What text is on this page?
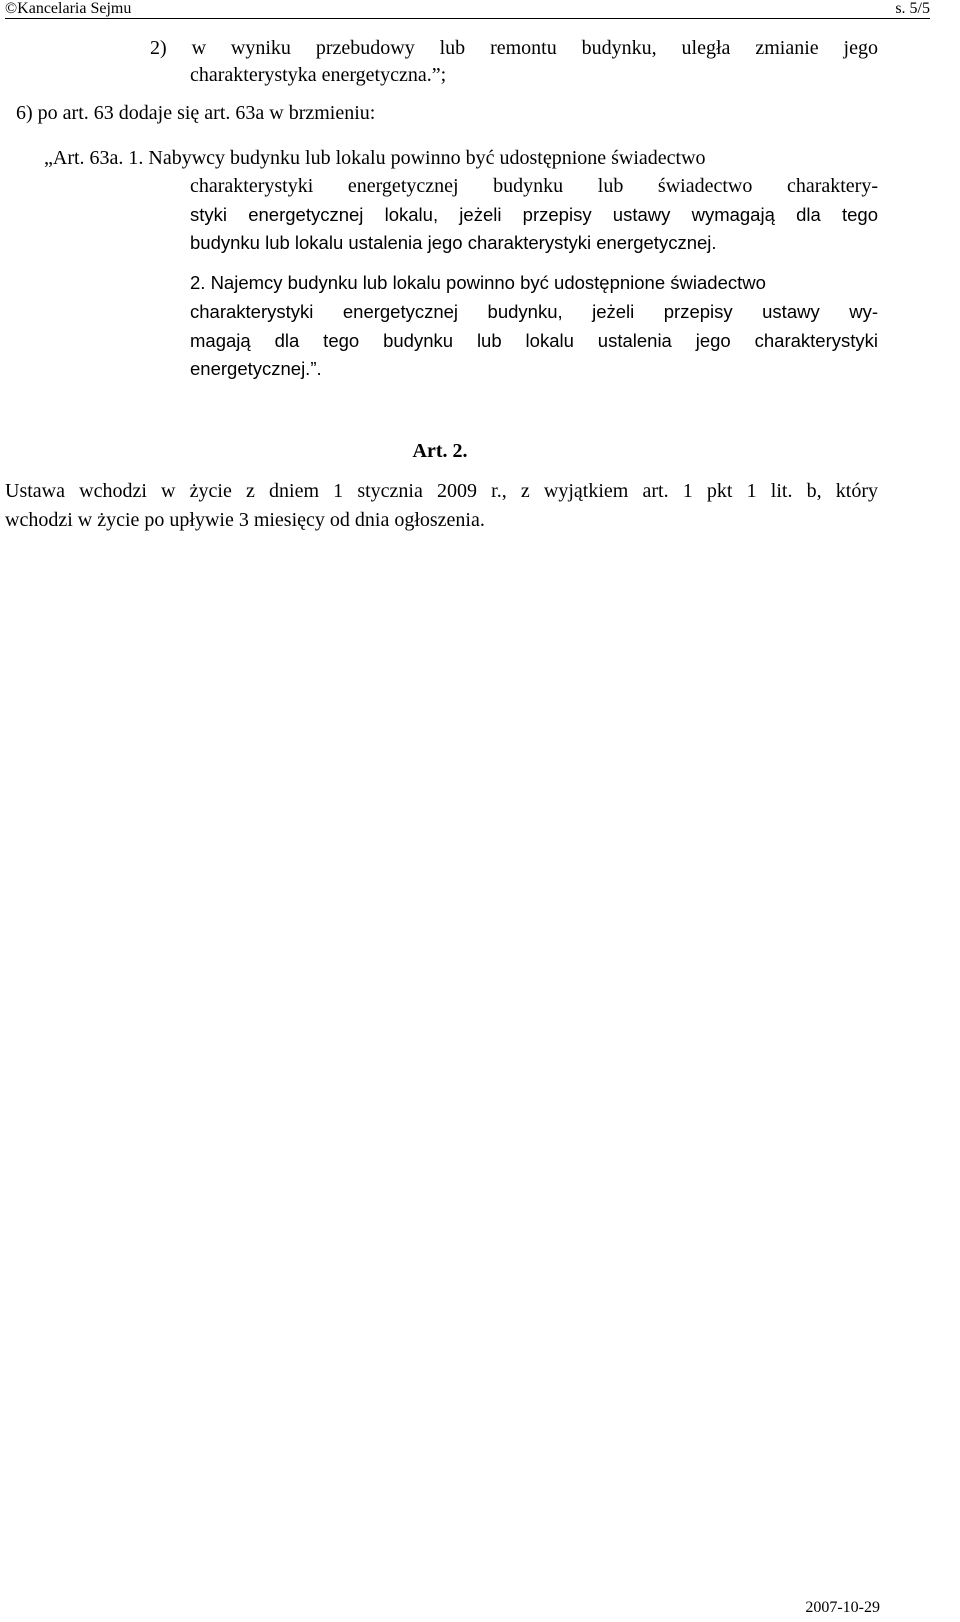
©Kancelaria Sejmu	s. 5/5
2) w wyniku przebudowy lub remontu budynku, uległa zmianie jego
charakterystyka energetyczna.”;
6) po art. 63 dodaje się art. 63a w brzmieniu:
„Art. 63a. 1. Nabywcy budynku lub lokalu powinno być udostępnione świadectwo
charakterystyki energetycznej budynku lub świadectwo charaktery-
styki energetycznej lokalu, jeżeli przepisy ustawy wymagają dla tego
budynku lub lokalu ustalenia jego charakterystyki energetycznej.
2. Najemcy budynku lub lokalu powinno być udostępnione świadectwo
charakterystyki energetycznej budynku, jeżeli przepisy ustawy wy-
magają dla tego budynku lub lokalu ustalenia jego charakterystyki
energetycznej.”.
Art. 2.
Ustawa wchodzi w życie z dniem 1 stycznia 2009 r., z wyjątkiem art. 1 pkt 1 lit. b, który
wchodzi w życie po upływie 3 miesięcy od dnia ogłoszenia.
2007-10-29
